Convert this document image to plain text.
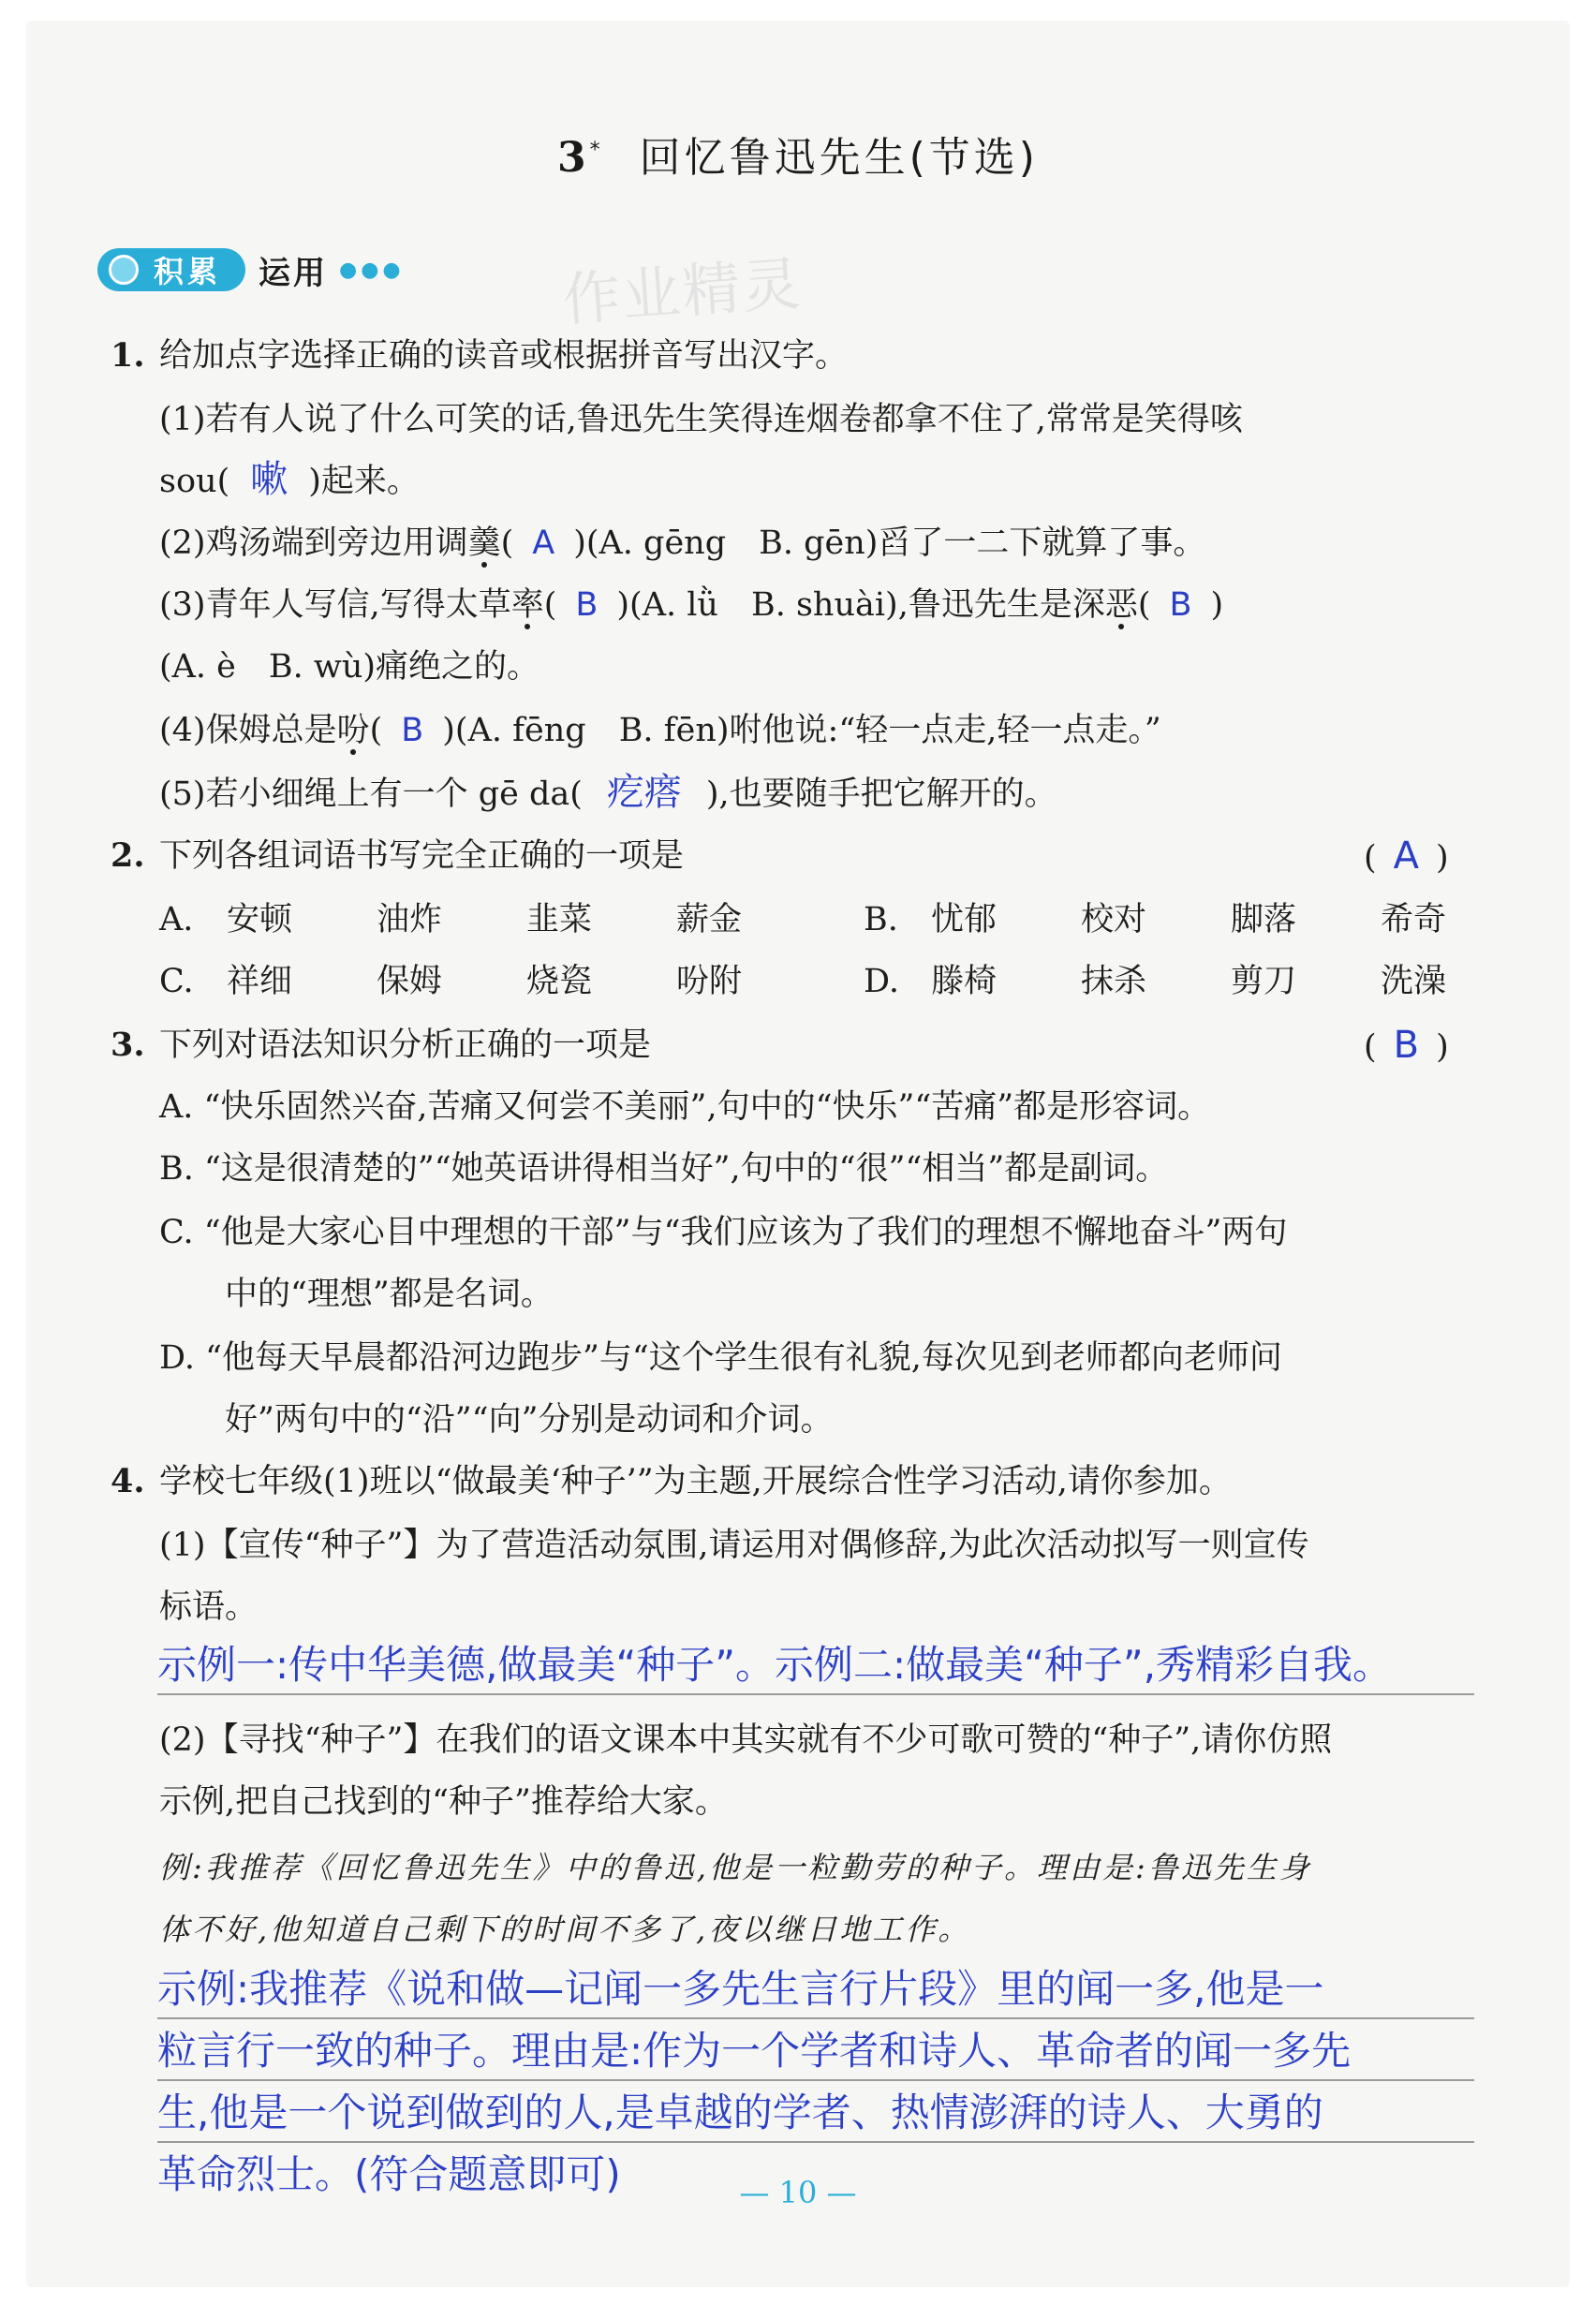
3* 回忆鲁迅先生(节选)
积累 运用 ●●●	作业精灵
1. 给加点字选择正确的读音或根据拼音写出汉字。
(1)若有人说了什么可笑的话,鲁迅先生笑得连烟卷都拿不住了,常常是笑得咳
sou( 嗽 )起来。
(2)鸡汤端到旁边用调羹( A )(A. gēng　B. gēn)舀了一二下就算了事。
(3)青年人写信,写得太草率( B )(A. lǜ　B. shuài),鲁迅先生是深恶( B )
(A. è　B. wù)痛绝之的。
(4)保姆总是吩( B )(A. fēng　B. fēn)咐他说:“轻一点走,轻一点走。”
(5)若小细绳上有一个 gē da( 疙瘩 ),也要随手把它解开的。
2. 下列各组词语书写完全正确的一项是	( A )
A. 安顿	油炸	韭菜	薪金	B. 忧郁	校对	脚落	希奇
C. 祥细	保姆	烧瓷	吩附	D. 滕椅	抹杀	剪刀	洗澡
3. 下列对语法知识分析正确的一项是	( B )
A. “快乐固然兴奋,苦痛又何尝不美丽”,句中的“快乐”“苦痛”都是形容词。
B. “这是很清楚的”“她英语讲得相当好”,句中的“很”“相当”都是副词。
C. “他是大家心目中理想的干部”与“我们应该为了我们的理想不懈地奋斗”两句
中的“理想”都是名词。
D. “他每天早晨都沿河边跑步”与“这个学生很有礼貌,每次见到老师都向老师问
好”两句中的“沿”“向”分别是动词和介词。
4. 学校七年级(1)班以“做最美‘种子’”为主题,开展综合性学习活动,请你参加。
(1)【宣传“种子”】为了营造活动氛围,请运用对偶修辞,为此次活动拟写一则宣传
标语。
示例一:传中华美德,做最美“种子”。示例二:做最美“种子”,秀精彩自我。
(2)【寻找“种子”】在我们的语文课本中其实就有不少可歌可赞的“种子”,请你仿照
示例,把自己找到的“种子”推荐给大家。
例:我推荐《回忆鲁迅先生》中的鲁迅,他是一粒勤劳的种子。理由是:鲁迅先生身
体不好,他知道自己剩下的时间不多了,夜以继日地工作。
示例:我推荐《说和做—记闻一多先生言行片段》里的闻一多,他是一
粒言行一致的种子。理由是:作为一个学者和诗人、革命者的闻一多先
生,他是一个说到做到的人,是卓越的学者、热情澎湃的诗人、大勇的
革命烈士。(符合题意即可)	— 10 —
